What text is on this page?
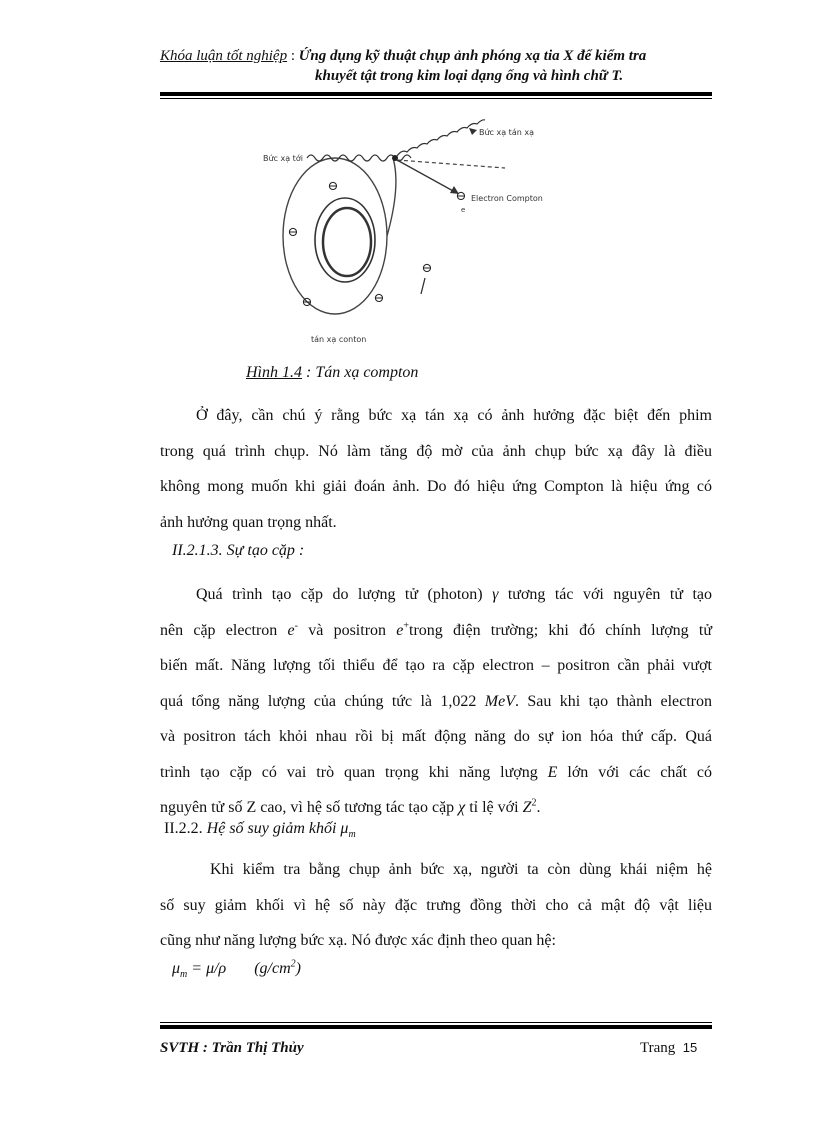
Khóa luận tốt nghiệp : Ứng dụng kỹ thuật chụp ảnh phóng xạ tia X để kiểm tra
khuyết tật trong kim loại dạng ống và hình chữ T.
Bức xạ tán xạ
Bức xạ tới
Electron Compton
e
tán xạ conton
⊖
⊖
⊖
⊖	⊖
⊖
Hình 1.4 : Tán xạ compton
Ở đây, cần chú ý rằng bức xạ tán xạ có ảnh hưởng đặc biệt đến phim
trong quá trình chụp. Nó làm tăng độ mờ của ảnh chụp bức xạ đây là điều
không mong muốn khi giải đoán ảnh. Do đó hiệu ứng Compton là hiệu ứng có
ảnh hưởng quan trọng nhất.
II.2.1.3. Sự tạo cặp :
Quá trình tạo cặp do lượng tử (photon) γ tương tác với nguyên tử tạo
nên cặp electron e- và positron e+trong điện trường; khi đó chính lượng tử
biến mất. Năng lượng tối thiểu để tạo ra cặp electron – positron cần phải vượt
quá tổng năng lượng của chúng tức là 1,022 MeV. Sau khi tạo thành electron
và positron tách khỏi nhau rồi bị mất động năng do sự ion hóa thứ cấp. Quá
trình tạo cặp có vai trò quan trọng khi năng lượng E lớn với các chất có
nguyên tử số Z cao, vì hệ số tương tác tạo cặp χ tỉ lệ với $Z^2$.
II.2.2. Hệ số suy giảm khối $\mu_m$
Khi kiểm tra bằng chụp ảnh bức xạ, người ta còn dùng khái niệm hệ
số suy giảm khối vì hệ số này đặc trưng đồng thời cho cả mật độ vật liệu
cũng như năng lượng bức xạ. Nó được xác định theo quan hệ:
$\mu_m = \mu/\rho$ $(g/cm^2)$
SVTH : Trần Thị Thủy	Trang 15
